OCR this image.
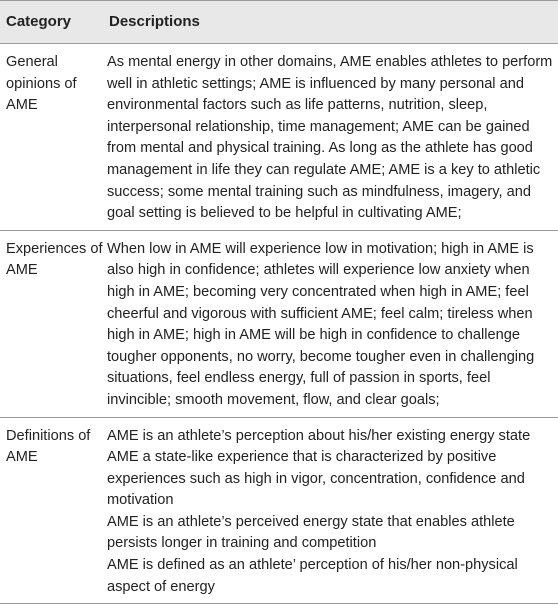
Category	Descriptions
General opinions of AME	As mental energy in other domains, AME enables athletes to perform well in athletic settings; AME is influenced by many personal and environmental factors such as life patterns, nutrition, sleep, interpersonal relationship, time management; AME can be gained from mental and physical training. As long as the athlete has good management in life they can regulate AME; AME is a key to athletic success; some mental training such as mindfulness, imagery, and goal setting is believed to be helpful in cultivating AME;
Experiences of AME	When low in AME will experience low in motivation; high in AME is also high in confidence; athletes will experience low anxiety when high in AME; becoming very concentrated when high in AME; feel cheerful and vigorous with sufficient AME; feel calm; tireless when high in AME; high in AME will be high in confidence to challenge tougher opponents, no worry, become tougher even in challenging situations, feel endless energy, full of passion in sports, feel invincible; smooth movement, flow, and clear goals;
Definitions of AME	AME is an athlete’s perception about his/her existing energy state
AME a state-like experience that is characterized by positive experiences such as high in vigor, concentration, confidence and motivation
AME is an athlete’s perceived energy state that enables athlete persists longer in training and competition
AME is defined as an athlete’ perception of his/her non-physical aspect of energy
